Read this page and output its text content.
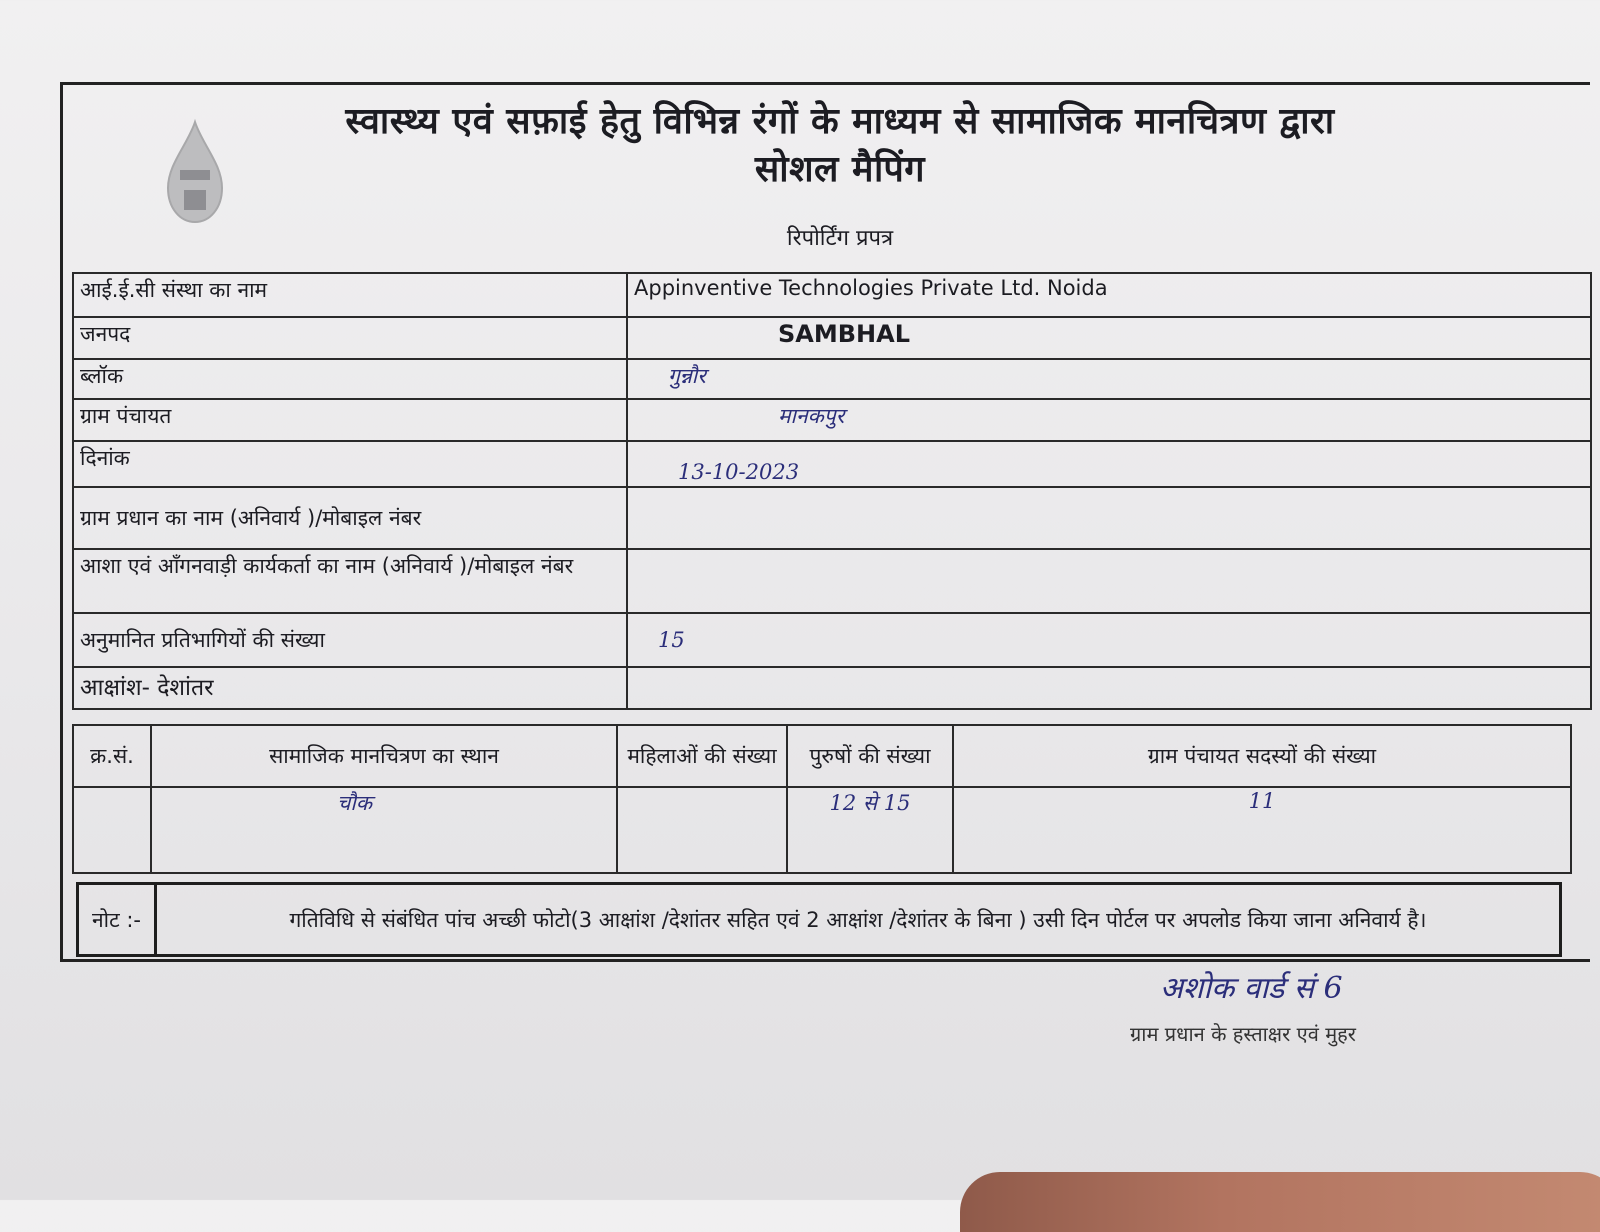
स्वास्थ्य एवं सफ़ाई हेतु विभिन्न रंगों के माध्यम से सामाजिक मानचित्रण द्वारा
सोशल मैपिंग
रिपोर्टिंग प्रपत्र
आई.ई.सी संस्था का नाम	Appinventive Technologies Private Ltd. Noida
जनपद	SAMBHAL
ब्लॉक	गुन्नौर
ग्राम पंचायत	मानकपुर
दिनांक	13-10-2023
ग्राम प्रधान का नाम (अनिवार्य )/मोबाइल नंबर	
आशा एवं आँगनवाड़ी कार्यकर्ता का नाम (अनिवार्य )/मोबाइल नंबर	
अनुमानित प्रतिभागियों की संख्या	15
आक्षांश- देशांतर	
क्र.सं.	सामाजिक मानचित्रण का स्थान	महिलाओं की संख्या	पुरुषों की संख्या	ग्राम पंचायत सदस्यों की संख्या
	चौक		12 से 15	11
नोट :-	गतिविधि से संबंधित पांच अच्छी फोटो(3 आक्षांश /देशांतर सहित एवं 2 आक्षांश /देशांतर के बिना ) उसी दिन पोर्टल पर अपलोड किया जाना अनिवार्य है।
अशोक वार्ड सं 6
ग्राम प्रधान के हस्ताक्षर एवं मुहर
